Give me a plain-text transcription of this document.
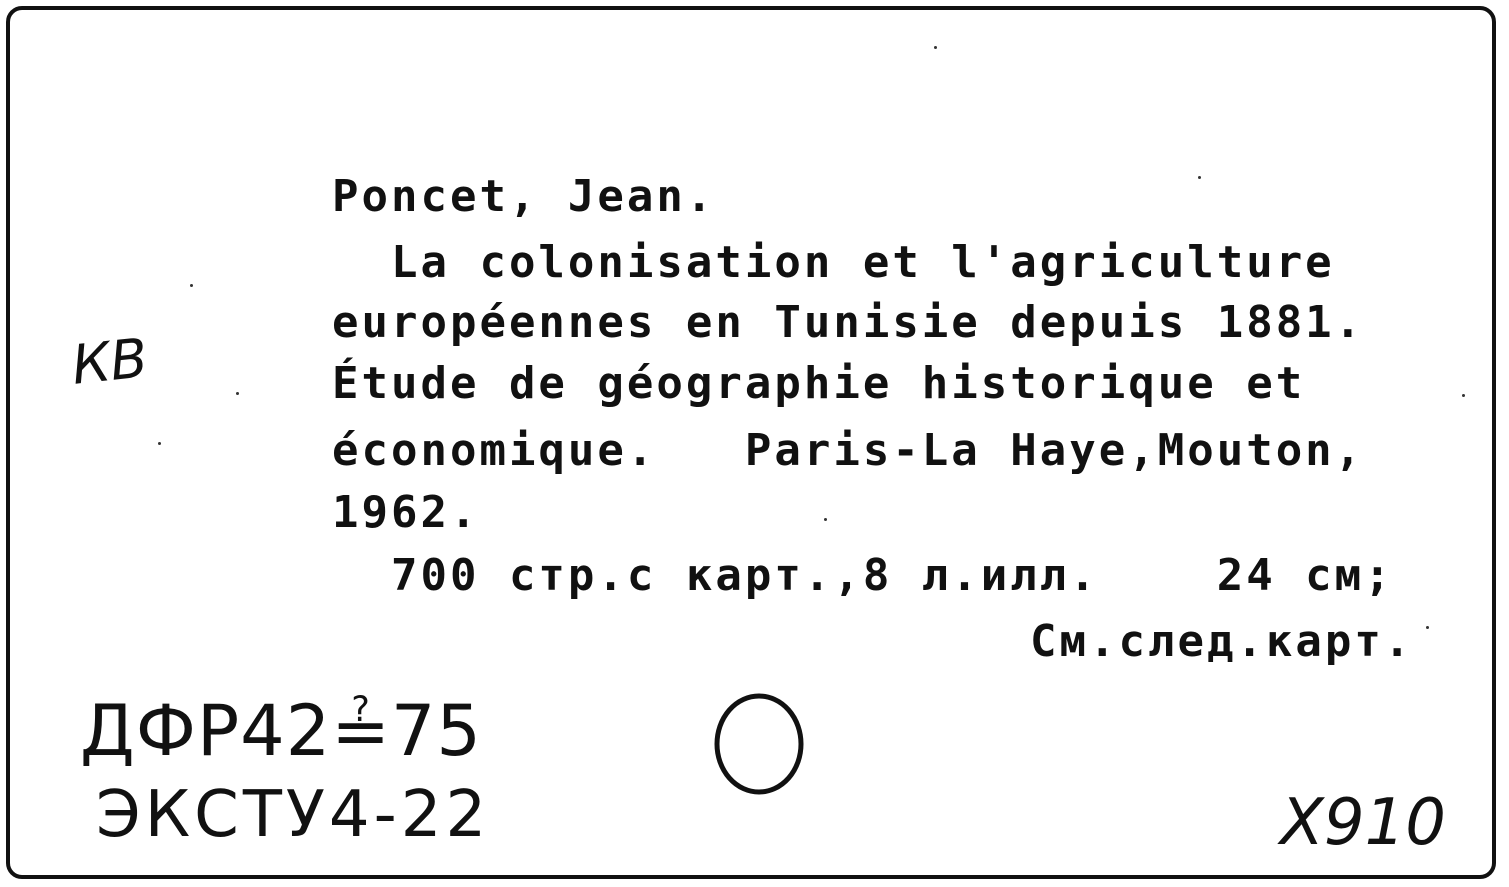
Poncet, Jean.
La colonisation et l'agriculture
européennes en Tunisie depuis 1881.
Étude de géographie historique et
économique.   Paris-La Haye,Mouton,
1962.
700 стр.с карт.,8 л.илл.    24 см;
См.след.карт.
КВ
ДФР42≟75
ЭКСТУ4-22	X910
